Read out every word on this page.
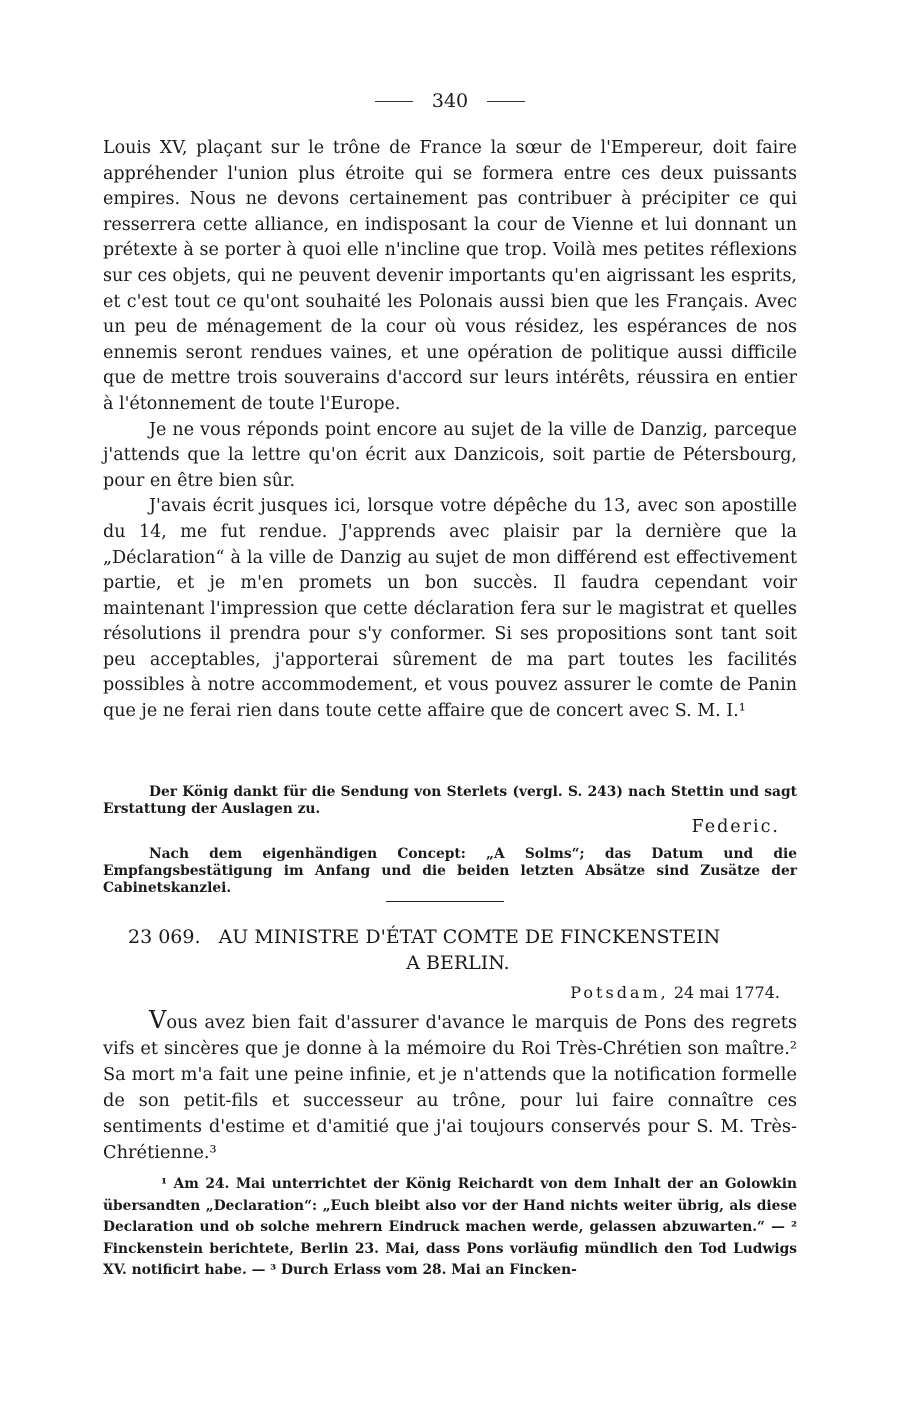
340

Louis XV, plaçant sur le trône de France la sœur de l'Empereur, doit faire appréhender l'union plus étroite qui se formera entre ces deux puissants empires. Nous ne devons certainement pas contribuer à précipiter ce qui resserrera cette alliance, en indisposant la cour de Vienne et lui donnant un prétexte à se porter à quoi elle n'incline que trop. Voilà mes petites réflexions sur ces objets, qui ne peuvent devenir importants qu'en aigrissant les esprits, et c'est tout ce qu'ont souhaité les Polonais aussi bien que les Français. Avec un peu de ménagement de la cour où vous résidez, les espérances de nos ennemis seront rendues vaines, et une opération de politique aussi difficile que de mettre trois souverains d'accord sur leurs intérêts, réussira en entier à l'étonnement de toute l'Europe.

Je ne vous réponds point encore au sujet de la ville de Danzig, parceque j'attends que la lettre qu'on écrit aux Danzicois, soit partie de Pétersbourg, pour en être bien sûr.

J'avais écrit jusques ici, lorsque votre dépêche du 13, avec son apostille du 14, me fut rendue. J'apprends avec plaisir par la dernière que la „Déclaration“ à la ville de Danzig au sujet de mon différend est effectivement partie, et je m'en promets un bon succès. Il faudra cependant voir maintenant l'impression que cette déclaration fera sur le magistrat et quelles résolutions il prendra pour s'y conformer. Si ses propositions sont tant soit peu acceptables, j'apporterai sûrement de ma part toutes les facilités possibles à notre accommodement, et vous pouvez assurer le comte de Panin que je ne ferai rien dans toute cette affaire que de concert avec S. M. I.¹

Der König dankt für die Sendung von Sterlets (vergl. S. 243) nach Stettin und sagt Erstattung der Auslagen zu.

Federic.

Nach dem eigenhändigen Concept: „A Solms“; das Datum und die Empfangsbestätigung im Anfang und die beiden letzten Absätze sind Zusätze der Cabinetskanzlei.

23 069. AU MINISTRE D'ÉTAT COMTE DE FINCKENSTEIN
A BERLIN.
Potsdam, 24 mai 1774.

Vous avez bien fait d'assurer d'avance le marquis de Pons des regrets vifs et sincères que je donne à la mémoire du Roi Très-Chrétien son maître.² Sa mort m'a fait une peine infinie, et je n'attends que la notification formelle de son petit-fils et successeur au trône, pour lui faire connaître ces sentiments d'estime et d'amitié que j'ai toujours conservés pour S. M. Très-Chrétienne.³

¹ Am 24. Mai unterrichtet der König Reichardt von dem Inhalt der an Golowkin übersandten „Declaration“: „Euch bleibt also vor der Hand nichts weiter übrig, als diese Declaration und ob solche mehrern Eindruck machen werde, gelassen abzuwarten.“ — ² Finckenstein berichtete, Berlin 23. Mai, dass Pons vorläufig mündlich den Tod Ludwigs XV. notificirt habe. — ³ Durch Erlass vom 28. Mai an Fincken-
